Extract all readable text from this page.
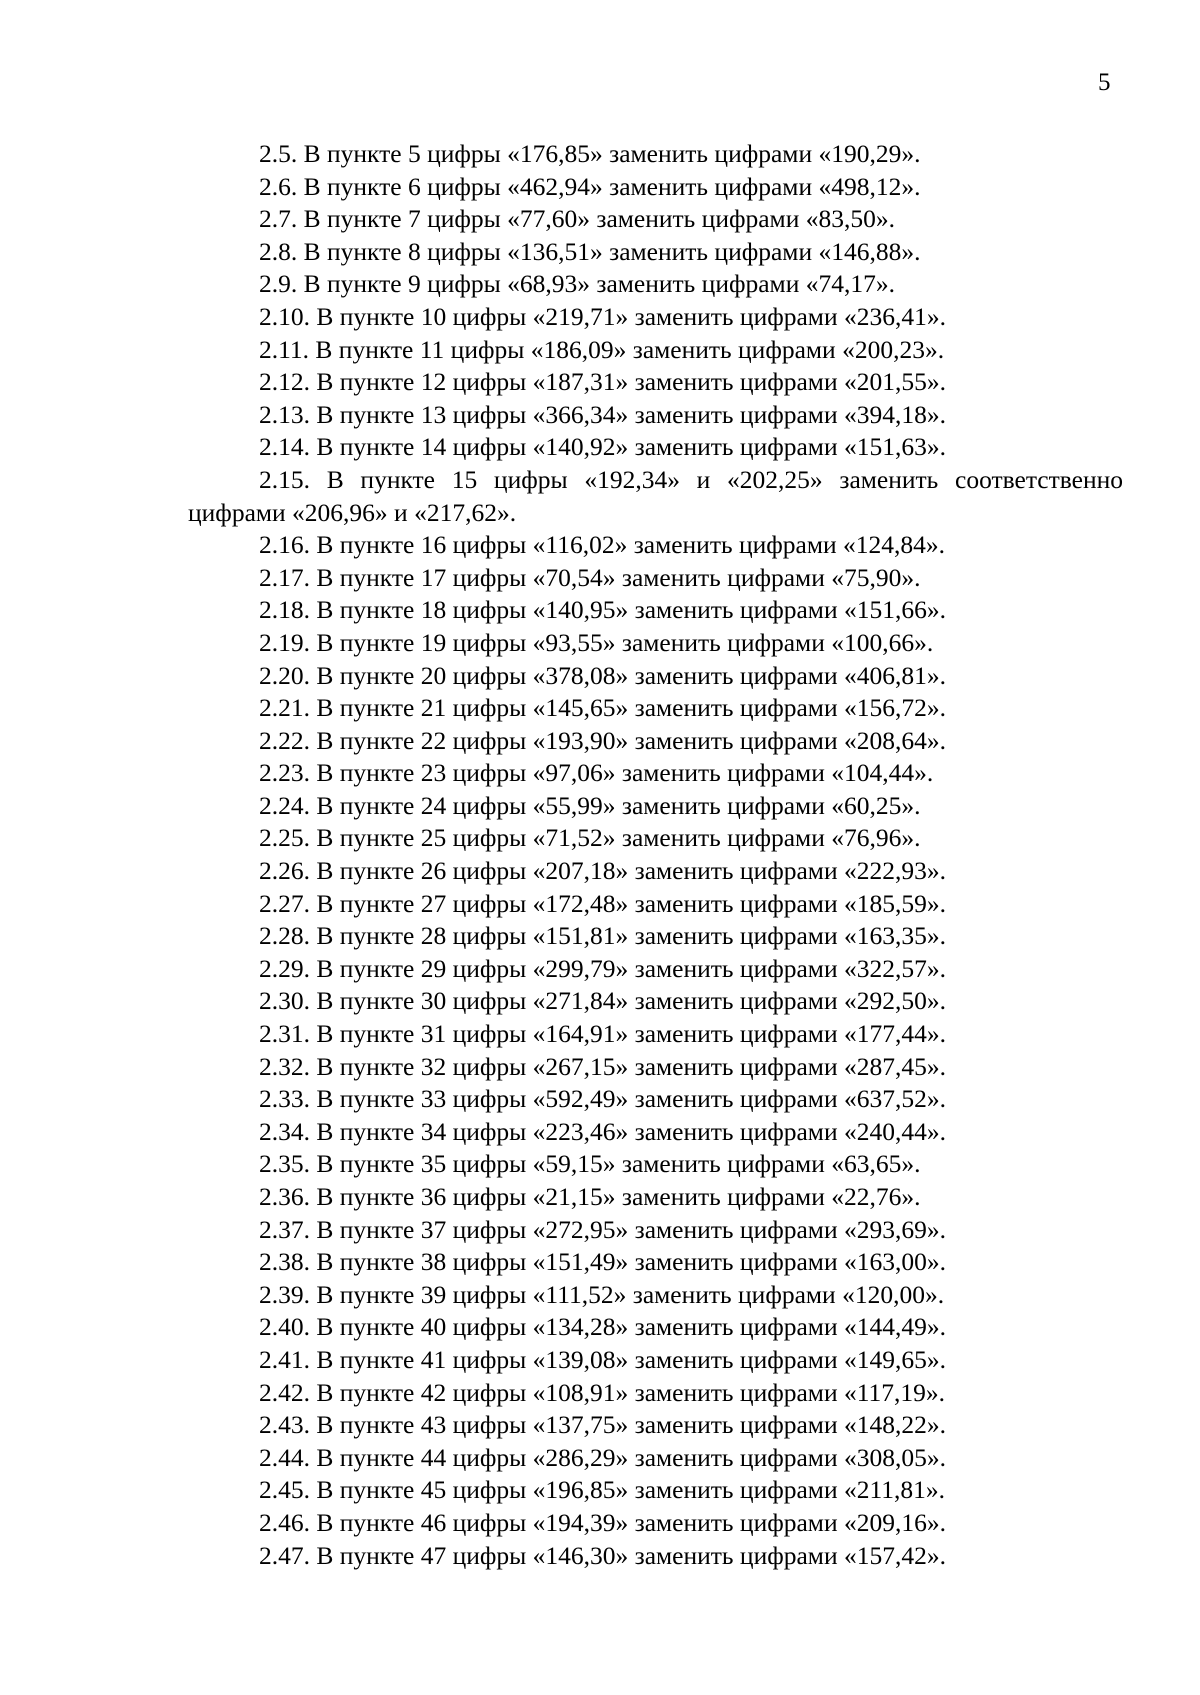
5

2.5. В пункте 5 цифры «176,85» заменить цифрами «190,29».

2.6. В пункте 6 цифры «462,94» заменить цифрами «498,12».

2.7. В пункте 7 цифры «77,60» заменить цифрами «83,50».

2.8. В пункте 8 цифры «136,51» заменить цифрами «146,88».

2.9. В пункте 9 цифры «68,93» заменить цифрами «74,17».

2.10. В пункте 10 цифры «219,71» заменить цифрами «236,41».

2.11. В пункте 11 цифры «186,09» заменить цифрами «200,23».

2.12. В пункте 12 цифры «187,31» заменить цифрами «201,55».

2.13. В пункте 13 цифры «366,34» заменить цифрами «394,18».

2.14. В пункте 14 цифры «140,92» заменить цифрами «151,63».

2.15. В пункте 15 цифры «192,34» и «202,25» заменить соответственно цифрами «206,96» и «217,62».

2.16. В пункте 16 цифры «116,02» заменить цифрами «124,84».

2.17. В пункте 17 цифры «70,54» заменить цифрами «75,90».

2.18. В пункте 18 цифры «140,95» заменить цифрами «151,66».

2.19. В пункте 19 цифры «93,55» заменить цифрами «100,66».

2.20. В пункте 20 цифры «378,08» заменить цифрами «406,81».

2.21. В пункте 21 цифры «145,65» заменить цифрами «156,72».

2.22. В пункте 22 цифры «193,90» заменить цифрами «208,64».

2.23. В пункте 23 цифры «97,06» заменить цифрами «104,44».

2.24. В пункте 24 цифры «55,99» заменить цифрами «60,25».

2.25. В пункте 25 цифры «71,52» заменить цифрами «76,96».

2.26. В пункте 26 цифры «207,18» заменить цифрами «222,93».

2.27. В пункте 27 цифры «172,48» заменить цифрами «185,59».

2.28. В пункте 28 цифры «151,81» заменить цифрами «163,35».

2.29. В пункте 29 цифры «299,79» заменить цифрами «322,57».

2.30. В пункте 30 цифры «271,84» заменить цифрами «292,50».

2.31. В пункте 31 цифры «164,91» заменить цифрами «177,44».

2.32. В пункте 32 цифры «267,15» заменить цифрами «287,45».

2.33. В пункте 33 цифры «592,49» заменить цифрами «637,52».

2.34. В пункте 34 цифры «223,46» заменить цифрами «240,44».

2.35. В пункте 35 цифры «59,15» заменить цифрами «63,65».

2.36. В пункте 36 цифры «21,15» заменить цифрами «22,76».

2.37. В пункте 37 цифры «272,95» заменить цифрами «293,69».

2.38. В пункте 38 цифры «151,49» заменить цифрами «163,00».

2.39. В пункте 39 цифры «111,52» заменить цифрами «120,00».

2.40. В пункте 40 цифры «134,28» заменить цифрами «144,49».

2.41. В пункте 41 цифры «139,08» заменить цифрами «149,65».

2.42. В пункте 42 цифры «108,91» заменить цифрами «117,19».

2.43. В пункте 43 цифры «137,75» заменить цифрами «148,22».

2.44. В пункте 44 цифры «286,29» заменить цифрами «308,05».

2.45. В пункте 45 цифры «196,85» заменить цифрами «211,81».

2.46. В пункте 46 цифры «194,39» заменить цифрами «209,16».

2.47. В пункте 47 цифры «146,30» заменить цифрами «157,42».
